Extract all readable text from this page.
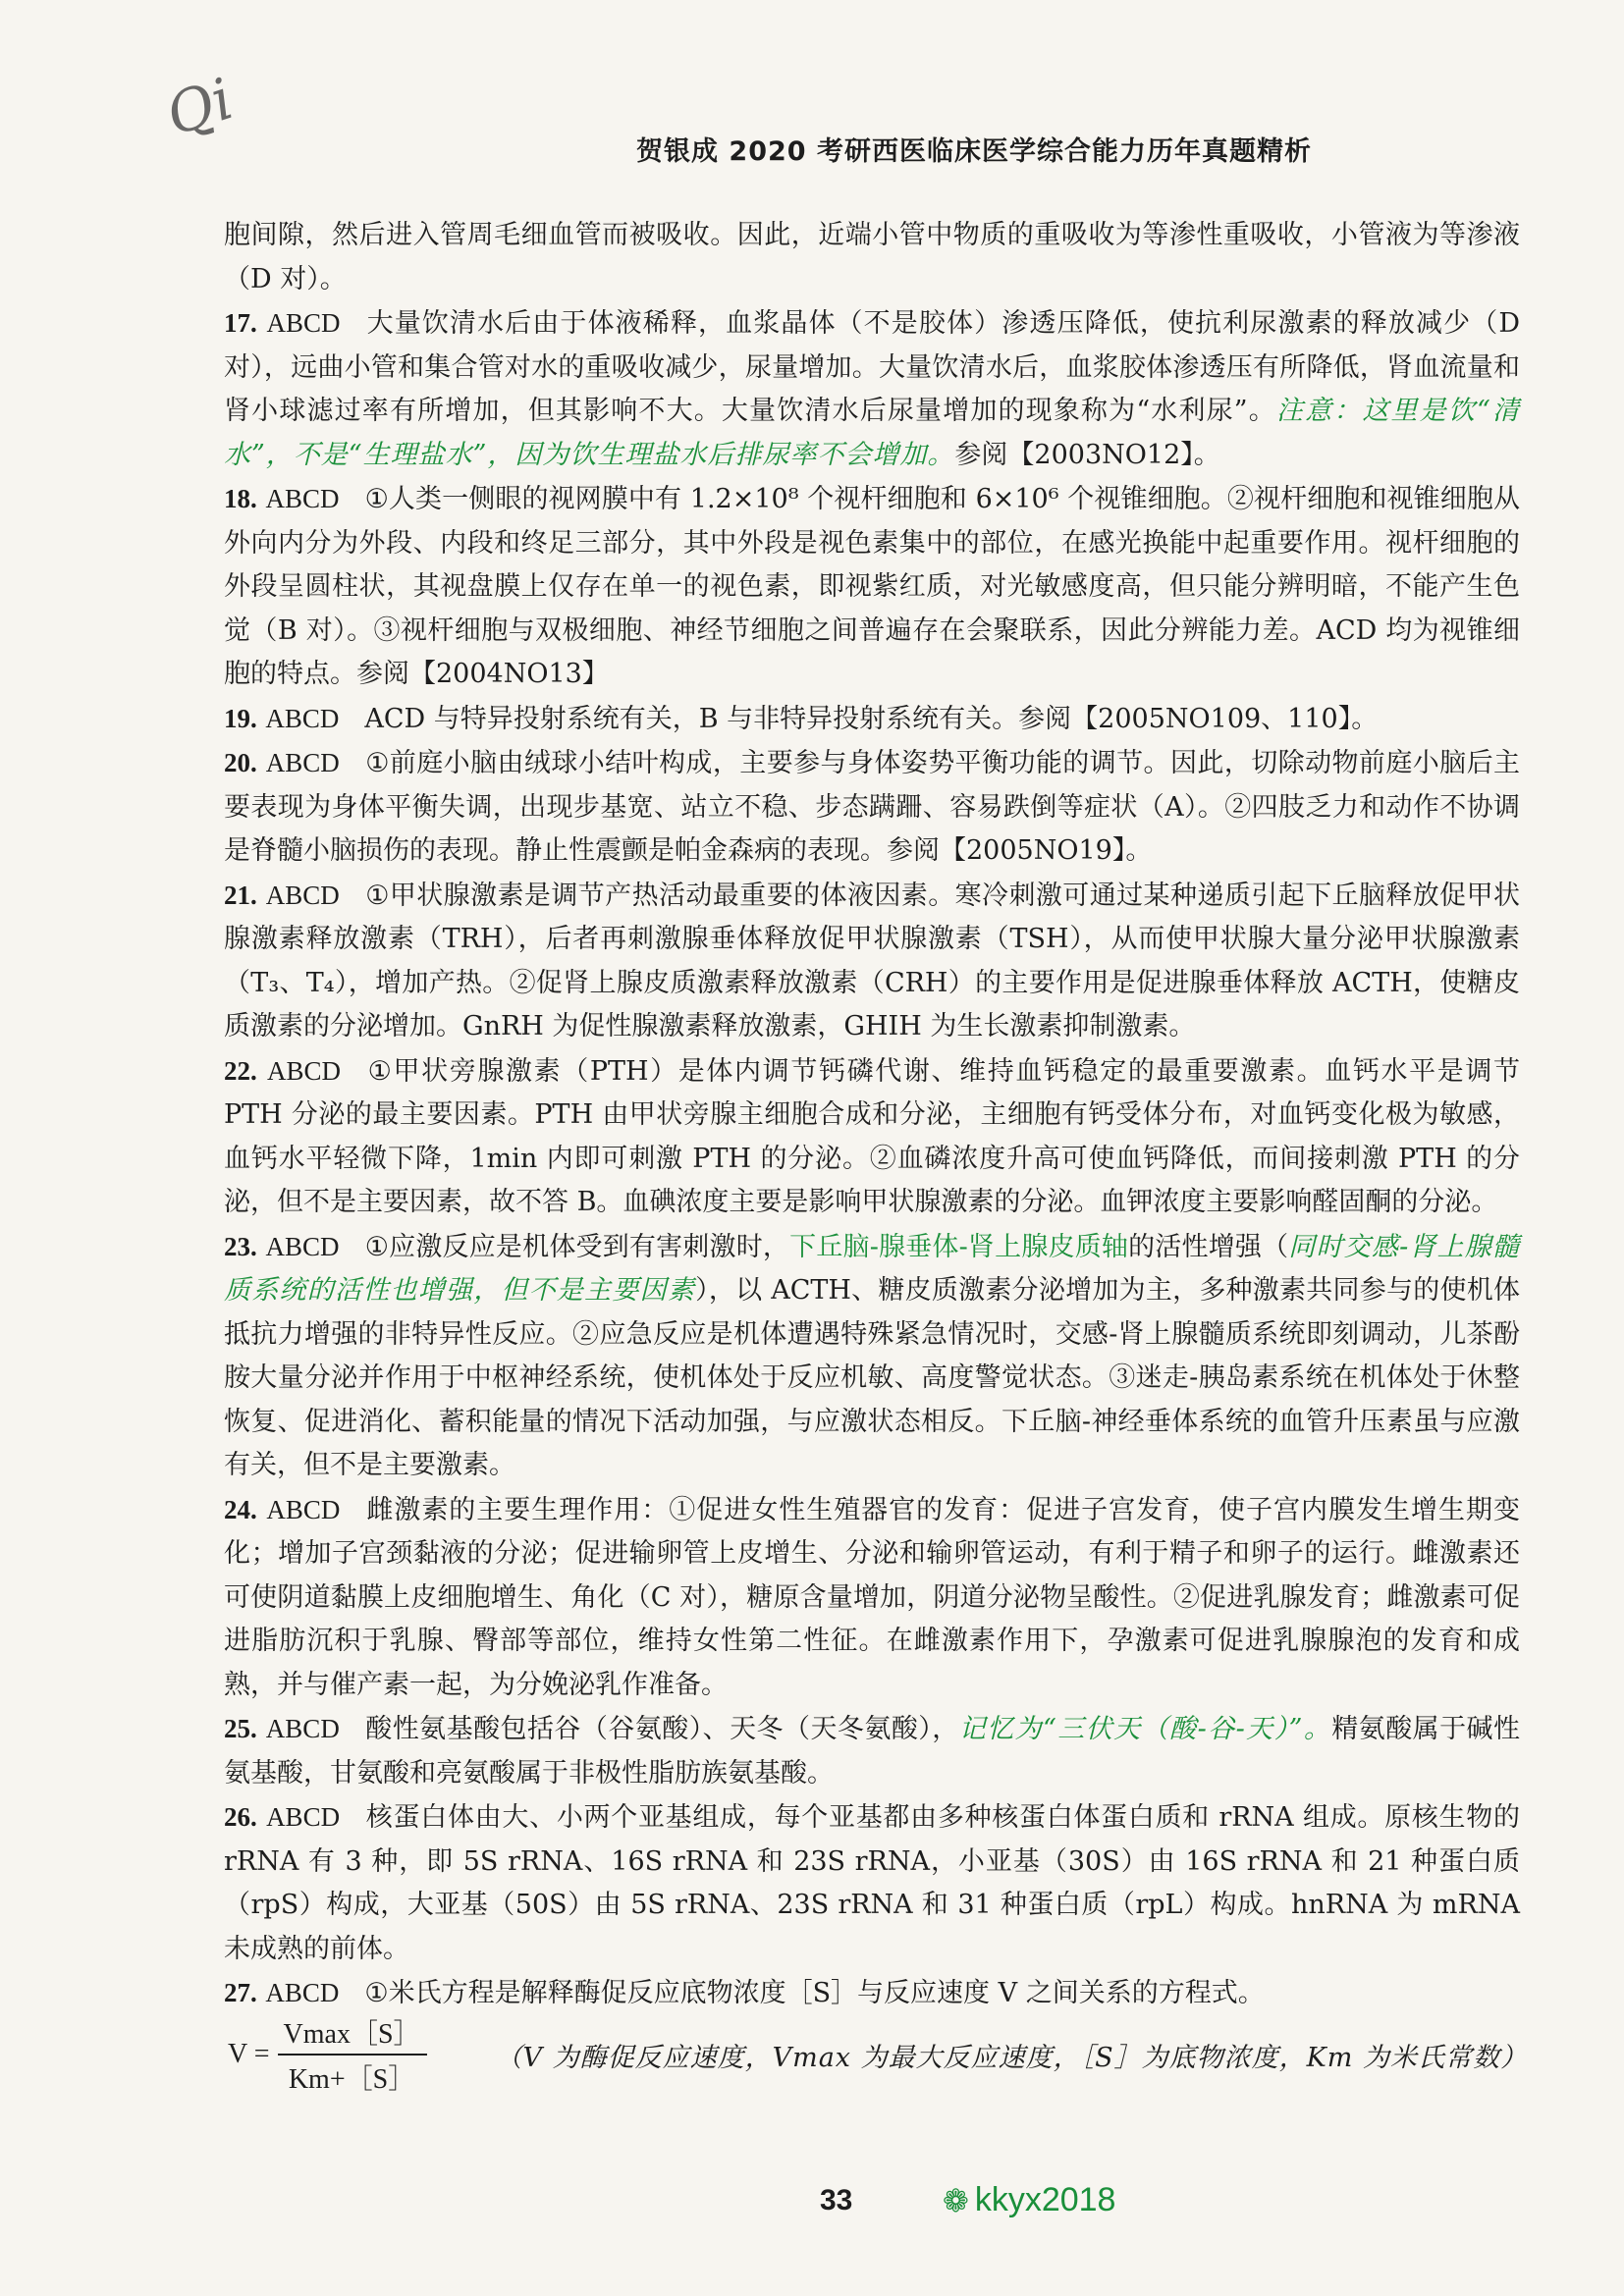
Qi
贺银成 2020 考研西医临床医学综合能力历年真题精析

胞间隙，然后进入管周毛细血管而被吸收。因此，近端小管中物质的重吸收为等渗性重吸收，小管液为等渗液（D 对）。

17. ABCD 大量饮清水后由于体液稀释，血浆晶体（不是胶体）渗透压降低，使抗利尿激素的释放减少（D 对），远曲小管和集合管对水的重吸收减少，尿量增加。大量饮清水后，血浆胶体渗透压有所降低，肾血流量和肾小球滤过率有所增加，但其影响不大。大量饮清水后尿量增加的现象称为“水利尿”。注意：这里是饮“清水”，不是“生理盐水”，因为饮生理盐水后排尿率不会增加。参阅【2003NO12】。

18. ABCD ①人类一侧眼的视网膜中有 1.2×10⁸ 个视杆细胞和 6×10⁶ 个视锥细胞。②视杆细胞和视锥细胞从外向内分为外段、内段和终足三部分，其中外段是视色素集中的部位，在感光换能中起重要作用。视杆细胞的外段呈圆柱状，其视盘膜上仅存在单一的视色素，即视紫红质，对光敏感度高，但只能分辨明暗，不能产生色觉（B 对）。③视杆细胞与双极细胞、神经节细胞之间普遍存在会聚联系，因此分辨能力差。ACD 均为视锥细胞的特点。参阅【2004NO13】

19. ABCD ACD 与特异投射系统有关，B 与非特异投射系统有关。参阅【2005NO109、110】。

20. ABCD ①前庭小脑由绒球小结叶构成，主要参与身体姿势平衡功能的调节。因此，切除动物前庭小脑后主要表现为身体平衡失调，出现步基宽、站立不稳、步态蹒跚、容易跌倒等症状（A）。②四肢乏力和动作不协调是脊髓小脑损伤的表现。静止性震颤是帕金森病的表现。参阅【2005NO19】。

21. ABCD ①甲状腺激素是调节产热活动最重要的体液因素。寒冷刺激可通过某种递质引起下丘脑释放促甲状腺激素释放激素（TRH），后者再刺激腺垂体释放促甲状腺激素（TSH），从而使甲状腺大量分泌甲状腺激素（T₃、T₄），增加产热。②促肾上腺皮质激素释放激素（CRH）的主要作用是促进腺垂体释放 ACTH，使糖皮质激素的分泌增加。GnRH 为促性腺激素释放激素，GHIH 为生长激素抑制激素。

22. ABCD ①甲状旁腺激素（PTH）是体内调节钙磷代谢、维持血钙稳定的最重要激素。血钙水平是调节 PTH 分泌的最主要因素。PTH 由甲状旁腺主细胞合成和分泌，主细胞有钙受体分布，对血钙变化极为敏感，血钙水平轻微下降，1min 内即可刺激 PTH 的分泌。②血磷浓度升高可使血钙降低，而间接刺激 PTH 的分泌，但不是主要因素，故不答 B。血碘浓度主要是影响甲状腺激素的分泌。血钾浓度主要影响醛固酮的分泌。

23. ABCD ①应激反应是机体受到有害刺激时，下丘脑-腺垂体-肾上腺皮质轴的活性增强（同时交感-肾上腺髓质系统的活性也增强，但不是主要因素），以 ACTH、糖皮质激素分泌增加为主，多种激素共同参与的使机体抵抗力增强的非特异性反应。②应急反应是机体遭遇特殊紧急情况时，交感-肾上腺髓质系统即刻调动，儿茶酚胺大量分泌并作用于中枢神经系统，使机体处于反应机敏、高度警觉状态。③迷走-胰岛素系统在机体处于休整恢复、促进消化、蓄积能量的情况下活动加强，与应激状态相反。下丘脑-神经垂体系统的血管升压素虽与应激有关，但不是主要激素。

24. ABCD 雌激素的主要生理作用：①促进女性生殖器官的发育：促进子宫发育，使子宫内膜发生增生期变化；增加子宫颈黏液的分泌；促进输卵管上皮增生、分泌和输卵管运动，有利于精子和卵子的运行。雌激素还可使阴道黏膜上皮细胞增生、角化（C 对），糖原含量增加，阴道分泌物呈酸性。②促进乳腺发育；雌激素可促进脂肪沉积于乳腺、臀部等部位，维持女性第二性征。在雌激素作用下，孕激素可促进乳腺腺泡的发育和成熟，并与催产素一起，为分娩泌乳作准备。

25. ABCD 酸性氨基酸包括谷（谷氨酸）、天冬（天冬氨酸），记忆为“三伏天（酸-谷-天）”。精氨酸属于碱性氨基酸，甘氨酸和亮氨酸属于非极性脂肪族氨基酸。

26. ABCD 核蛋白体由大、小两个亚基组成，每个亚基都由多种核蛋白体蛋白质和 rRNA 组成。原核生物的 rRNA 有 3 种，即 5S rRNA、16S rRNA 和 23S rRNA，小亚基（30S）由 16S rRNA 和 21 种蛋白质（rpS）构成，大亚基（50S）由 5S rRNA、23S rRNA 和 31 种蛋白质（rpL）构成。hnRNA 为 mRNA 未成熟的前体。

27. ABCD ①米氏方程是解释酶促反应底物浓度［S］与反应速度 V 之间关系的方程式。

$V = \frac{Vmax[S]}{Km+[S]}$	（V 为酶促反应速度，Vmax 为最大反应速度，［S］为底物浓度，Km 为米氏常数）
33	❁ kkyx2018
